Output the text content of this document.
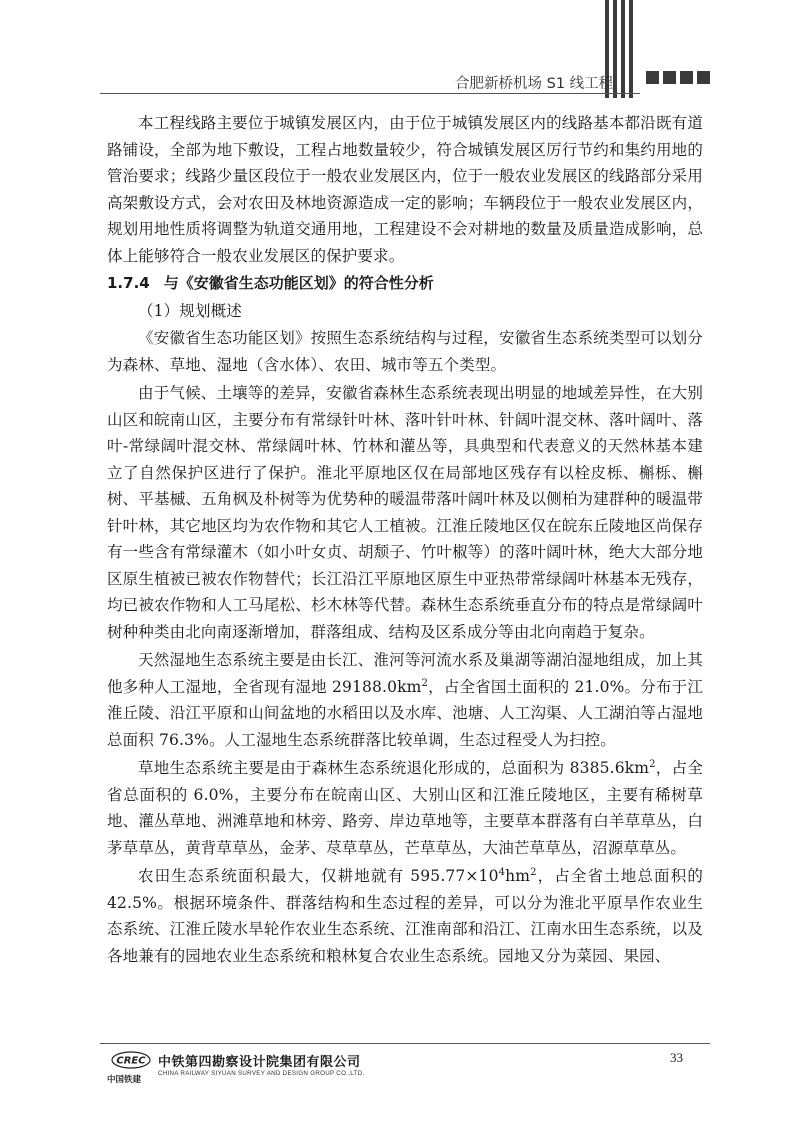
合肥新桥机场 S1 线工程

本工程线路主要位于城镇发展区内，由于位于城镇发展区内的线路基本都沿既有道路铺设，全部为地下敷设，工程占地数量较少，符合城镇发展区厉行节约和集约用地的管治要求；线路少量区段位于一般农业发展区内，位于一般农业发展区的线路部分采用高架敷设方式，会对农田及林地资源造成一定的影响；车辆段位于一般农业发展区内，规划用地性质将调整为轨道交通用地，工程建设不会对耕地的数量及质量造成影响，总体上能够符合一般农业发展区的保护要求。

1.7.4 与《安徽省生态功能区划》的符合性分析

（1）规划概述

《安徽省生态功能区划》按照生态系统结构与过程，安徽省生态系统类型可以划分为森林、草地、湿地（含水体）、农田、城市等五个类型。

由于气候、土壤等的差异，安徽省森林生态系统表现出明显的地域差异性，在大别山区和皖南山区，主要分布有常绿针叶林、落叶针叶林、针阔叶混交林、落叶阔叶、落叶-常绿阔叶混交林、常绿阔叶林、竹林和灌丛等，具典型和代表意义的天然林基本建立了自然保护区进行了保护。淮北平原地区仅在局部地区残存有以栓皮栎、槲栎、槲树、平基槭、五角枫及朴树等为优势种的暖温带落叶阔叶林及以侧柏为建群种的暖温带针叶林，其它地区均为农作物和其它人工植被。江淮丘陵地区仅在皖东丘陵地区尚保存有一些含有常绿灌木（如小叶女贞、胡颓子、竹叶椒等）的落叶阔叶林，绝大大部分地区原生植被已被农作物替代；长江沿江平原地区原生中亚热带常绿阔叶林基本无残存，均已被农作物和人工马尾松、杉木林等代替。森林生态系统垂直分布的特点是常绿阔叶树种种类由北向南逐渐增加，群落组成、结构及区系成分等由北向南趋于复杂。

天然湿地生态系统主要是由长江、淮河等河流水系及巢湖等湖泊湿地组成，加上其他多种人工湿地，全省现有湿地 $29188.0km^2$，占全省国土面积的 21.0%。分布于江淮丘陵、沿江平原和山间盆地的水稻田以及水库、池塘、人工沟渠、人工湖泊等占湿地总面积 76.3%。人工湿地生态系统群落比较单调，生态过程受人为扫控。

草地生态系统主要是由于森林生态系统退化形成的，总面积为 $8385.6km^2$，占全省总面积的 6.0%，主要分布在皖南山区、大别山区和江淮丘陵地区，主要有稀树草地、灌丛草地、洲滩草地和林旁、路旁、岸边草地等，主要草本群落有白羊草草丛，白茅草草丛，黄背草草丛，金茅、荩草草丛，芒草草丛，大油芒草草丛，沼源草草丛。

农田生态系统面积最大，仅耕地就有 $595.77\times 10^4hm^2$，占全省土地总面积的 42.5%。根据环境条件、群落结构和生态过程的差异，可以分为淮北平原旱作农业生态系统、江淮丘陵水旱轮作农业生态系统、江淮南部和沿江、江南水田生态系统，以及各地兼有的园地农业生态系统和粮林复合农业生态系统。园地又分为菜园、果园、

CREC
中国铁建
中铁第四勘察设计院集团有限公司
CHINA RAILWAY SIYUAN SURVEY AND DESIGN GROUP CO.,LTD.
33
